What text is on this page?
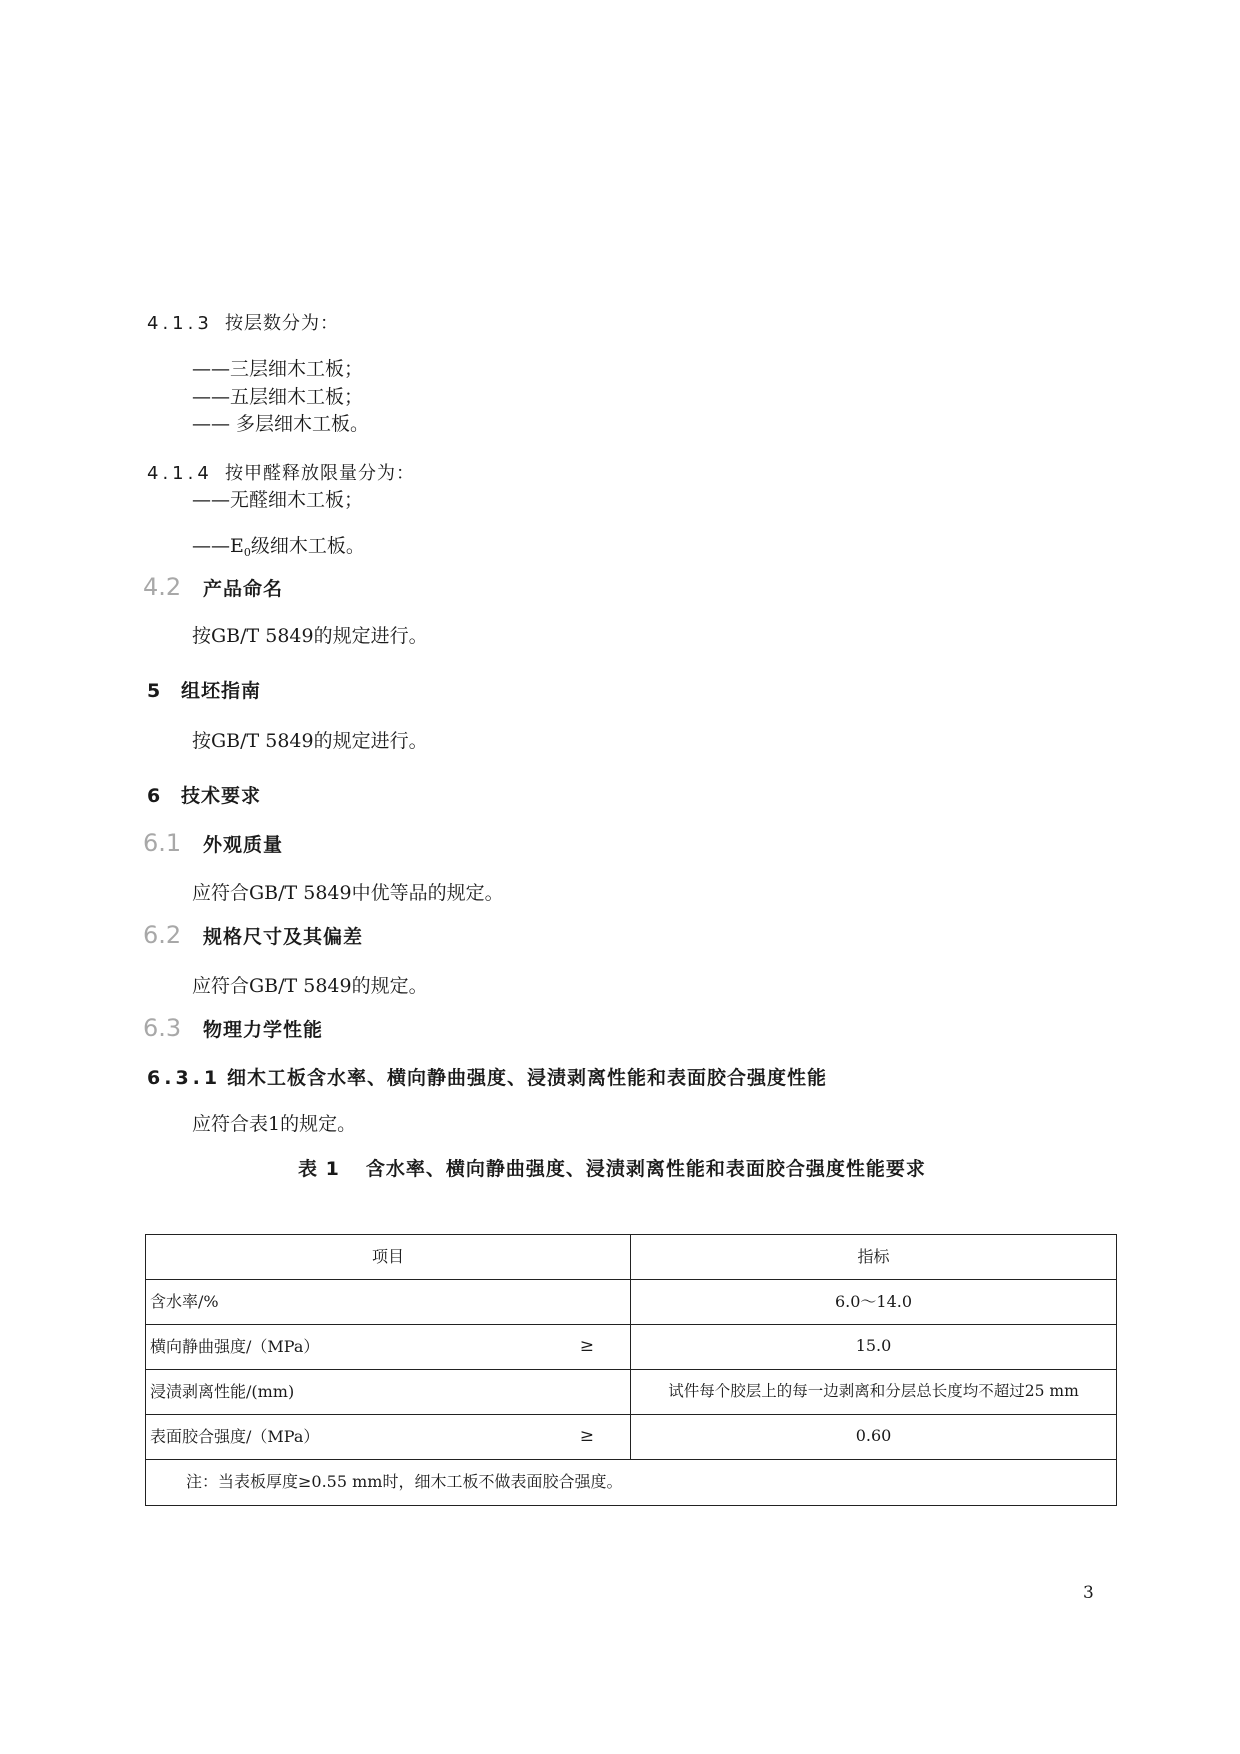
4.1.3 按层数分为：
——三层细木工板；
——五层细木工板；
—— 多层细木工板。
4.1.4 按甲醛释放限量分为：
——无醛细木工板；
$——E_0$级细木工板。
4.2 产品命名
按GB/T 5849的规定进行。
5 组坯指南
按GB/T 5849的规定进行。
6 技术要求
6.1 外观质量
应符合GB/T 5849中优等品的规定。
6.2 规格尺寸及其偏差
应符合GB/T 5849的规定。
6.3 物理力学性能
6.3.1 细木工板含水率、横向静曲强度、浸渍剥离性能和表面胶合强度性能
应符合表1的规定。
表 1 含水率、横向静曲强度、浸渍剥离性能和表面胶合强度性能要求
项目	指标
含水率/%	6.0～14.0
横向静曲强度/（MPa） ≥	15.0
浸渍剥离性能/(mm)	试件每个胶层上的每一边剥离和分层总长度均不超过25 mm
表面胶合强度/（MPa） ≥	0.60
注：当表板厚度≥0.55 mm时，细木工板不做表面胶合强度。	
3
